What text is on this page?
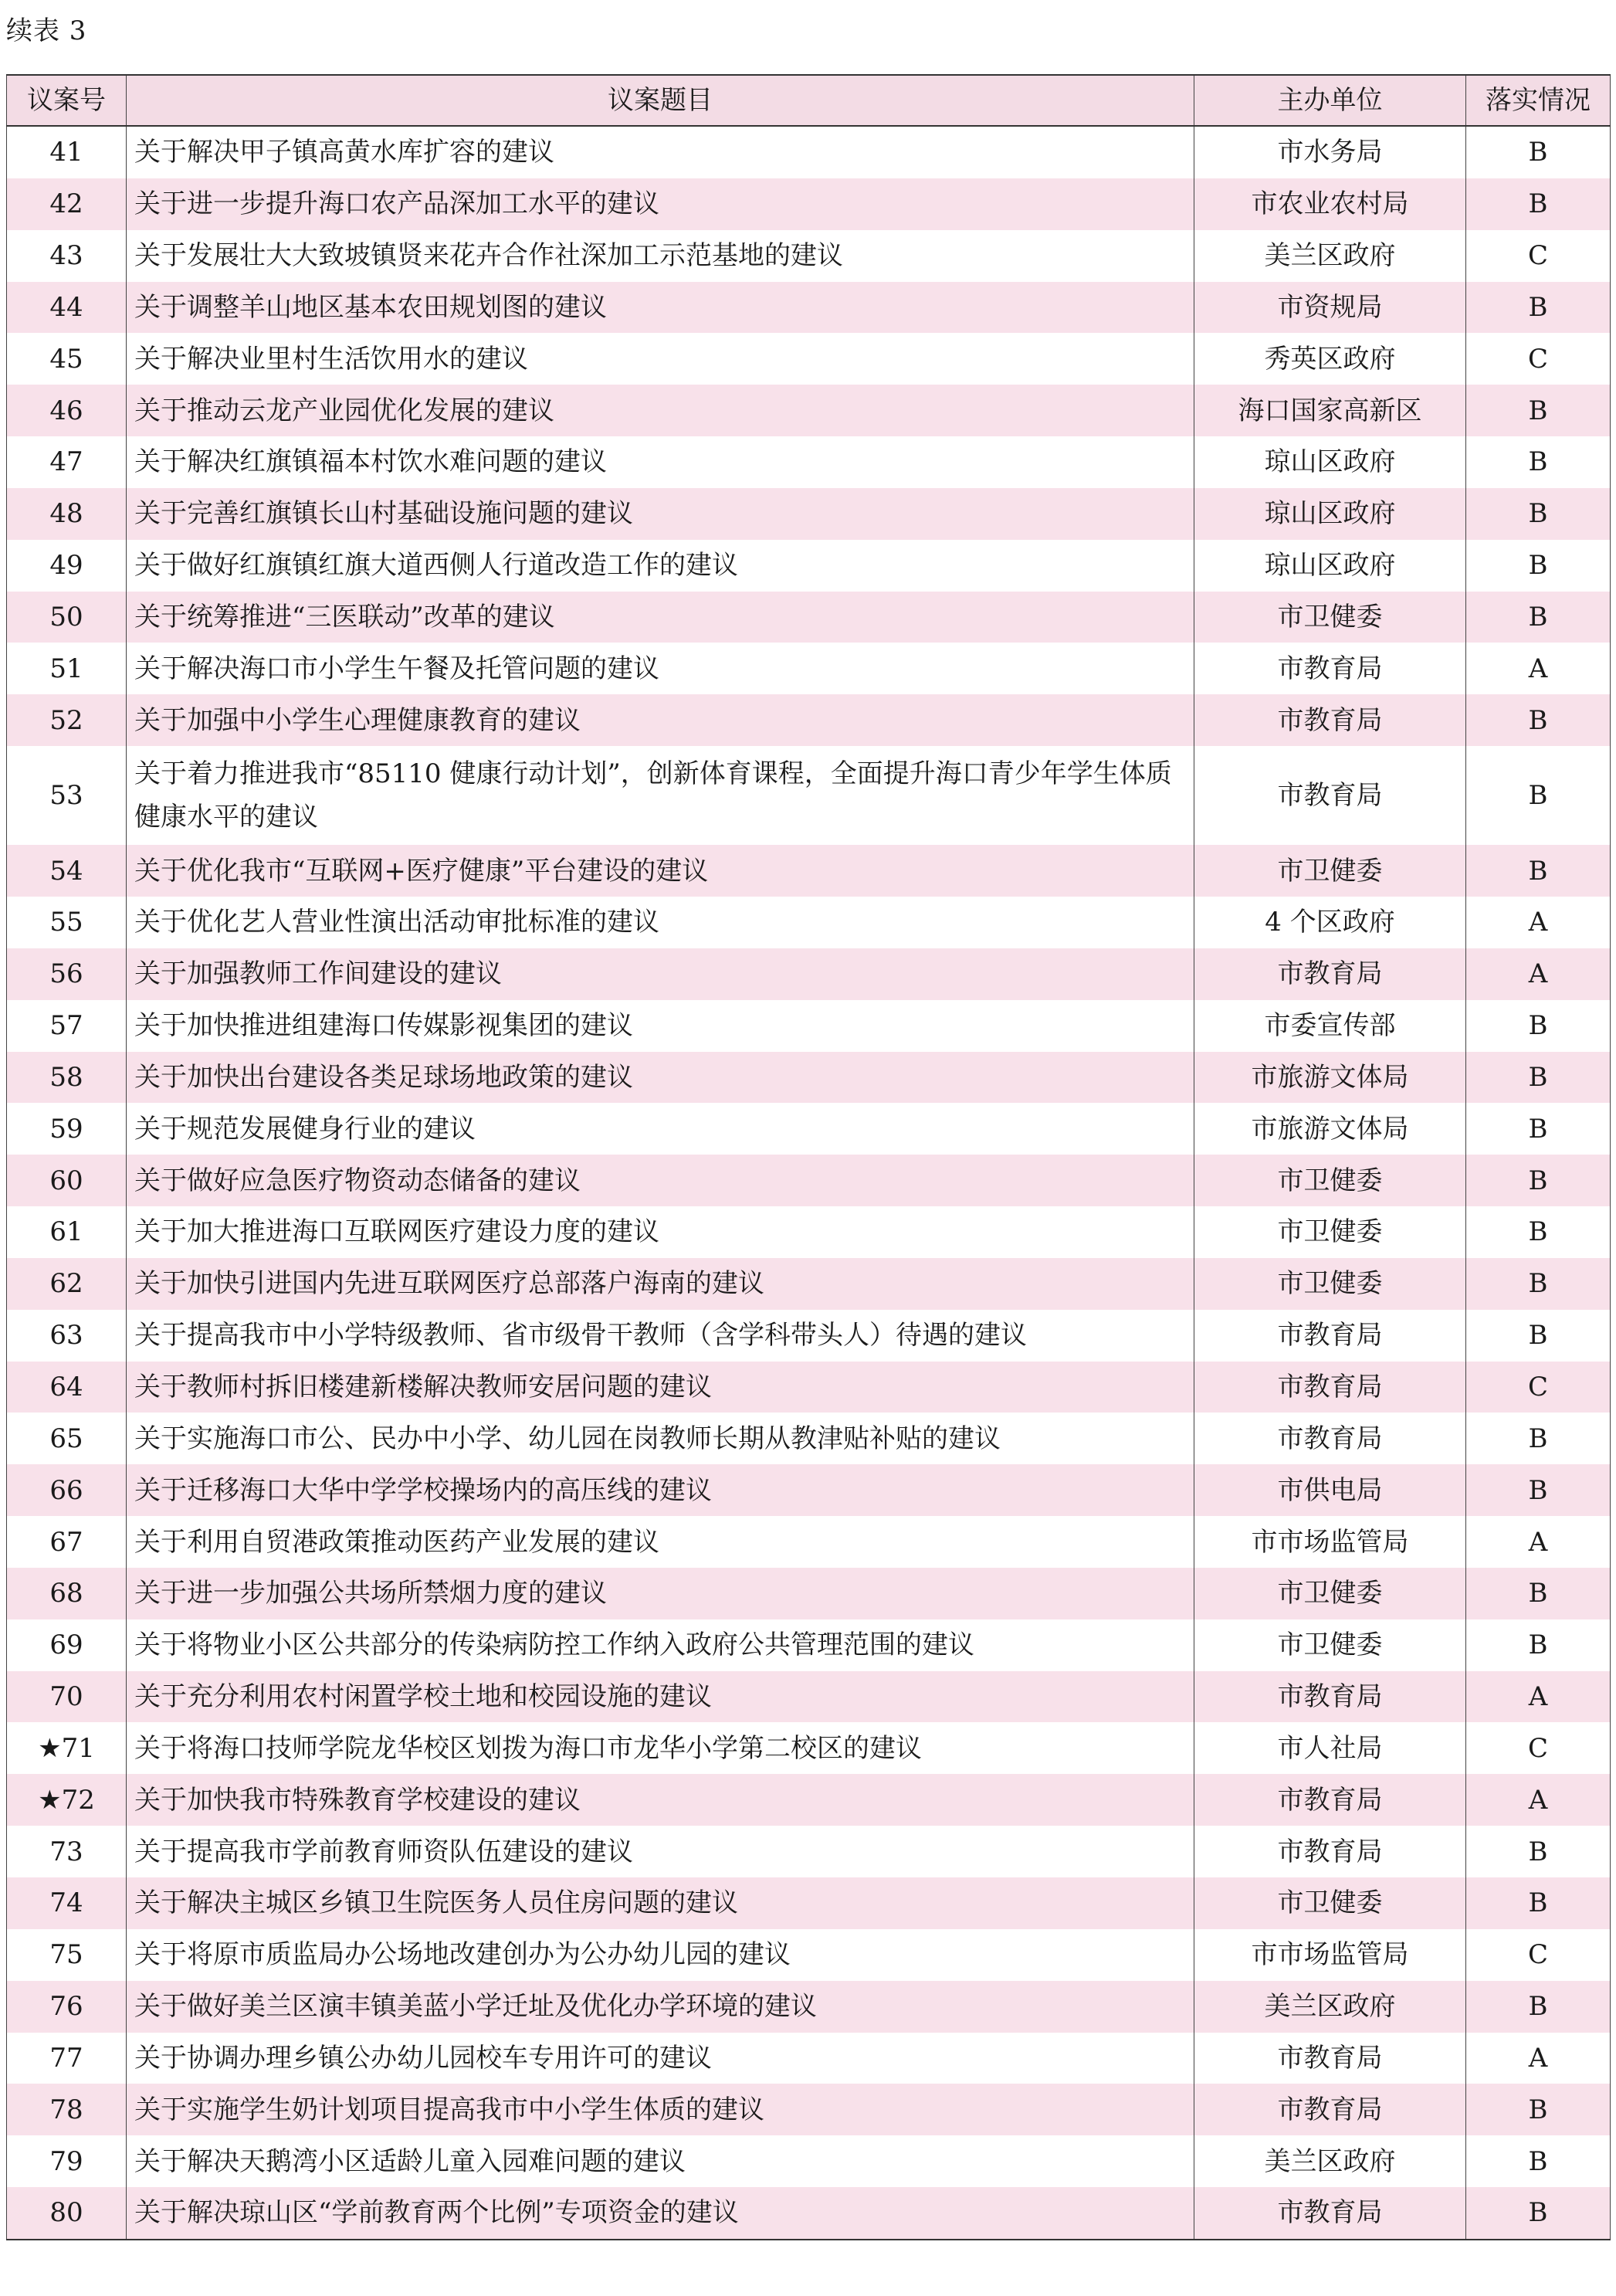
续表 3
议案号	议案题目	主办单位	落实情况
41	关于解决甲子镇高黄水库扩容的建议	市水务局	B
42	关于进一步提升海口农产品深加工水平的建议	市农业农村局	B
43	关于发展壮大大致坡镇贤来花卉合作社深加工示范基地的建议	美兰区政府	C
44	关于调整羊山地区基本农田规划图的建议	市资规局	B
45	关于解决业里村生活饮用水的建议	秀英区政府	C
46	关于推动云龙产业园优化发展的建议	海口国家高新区	B
47	关于解决红旗镇福本村饮水难问题的建议	琼山区政府	B
48	关于完善红旗镇长山村基础设施问题的建议	琼山区政府	B
49	关于做好红旗镇红旗大道西侧人行道改造工作的建议	琼山区政府	B
50	关于统筹推进“三医联动”改革的建议	市卫健委	B
51	关于解决海口市小学生午餐及托管问题的建议	市教育局	A
52	关于加强中小学生心理健康教育的建议	市教育局	B
53	关于着力推进我市“85110 健康行动计划”，创新体育课程，全面提升海口青少年学生体质健康水平的建议	市教育局	B
54	关于优化我市“互联网+医疗健康”平台建设的建议	市卫健委	B
55	关于优化艺人营业性演出活动审批标准的建议	4 个区政府	A
56	关于加强教师工作间建设的建议	市教育局	A
57	关于加快推进组建海口传媒影视集团的建议	市委宣传部	B
58	关于加快出台建设各类足球场地政策的建议	市旅游文体局	B
59	关于规范发展健身行业的建议	市旅游文体局	B
60	关于做好应急医疗物资动态储备的建议	市卫健委	B
61	关于加大推进海口互联网医疗建设力度的建议	市卫健委	B
62	关于加快引进国内先进互联网医疗总部落户海南的建议	市卫健委	B
63	关于提高我市中小学特级教师、省市级骨干教师（含学科带头人）待遇的建议	市教育局	B
64	关于教师村拆旧楼建新楼解决教师安居问题的建议	市教育局	C
65	关于实施海口市公、民办中小学、幼儿园在岗教师长期从教津贴补贴的建议	市教育局	B
66	关于迁移海口大华中学学校操场内的高压线的建议	市供电局	B
67	关于利用自贸港政策推动医药产业发展的建议	市市场监管局	A
68	关于进一步加强公共场所禁烟力度的建议	市卫健委	B
69	关于将物业小区公共部分的传染病防控工作纳入政府公共管理范围的建议	市卫健委	B
70	关于充分利用农村闲置学校土地和校园设施的建议	市教育局	A
★71	关于将海口技师学院龙华校区划拨为海口市龙华小学第二校区的建议	市人社局	C
★72	关于加快我市特殊教育学校建设的建议	市教育局	A
73	关于提高我市学前教育师资队伍建设的建议	市教育局	B
74	关于解决主城区乡镇卫生院医务人员住房问题的建议	市卫健委	B
75	关于将原市质监局办公场地改建创办为公办幼儿园的建议	市市场监管局	C
76	关于做好美兰区演丰镇美蓝小学迁址及优化办学环境的建议	美兰区政府	B
77	关于协调办理乡镇公办幼儿园校车专用许可的建议	市教育局	A
78	关于实施学生奶计划项目提高我市中小学生体质的建议	市教育局	B
79	关于解决天鹅湾小区适龄儿童入园难问题的建议	美兰区政府	B
80	关于解决琼山区“学前教育两个比例”专项资金的建议	市教育局	B
